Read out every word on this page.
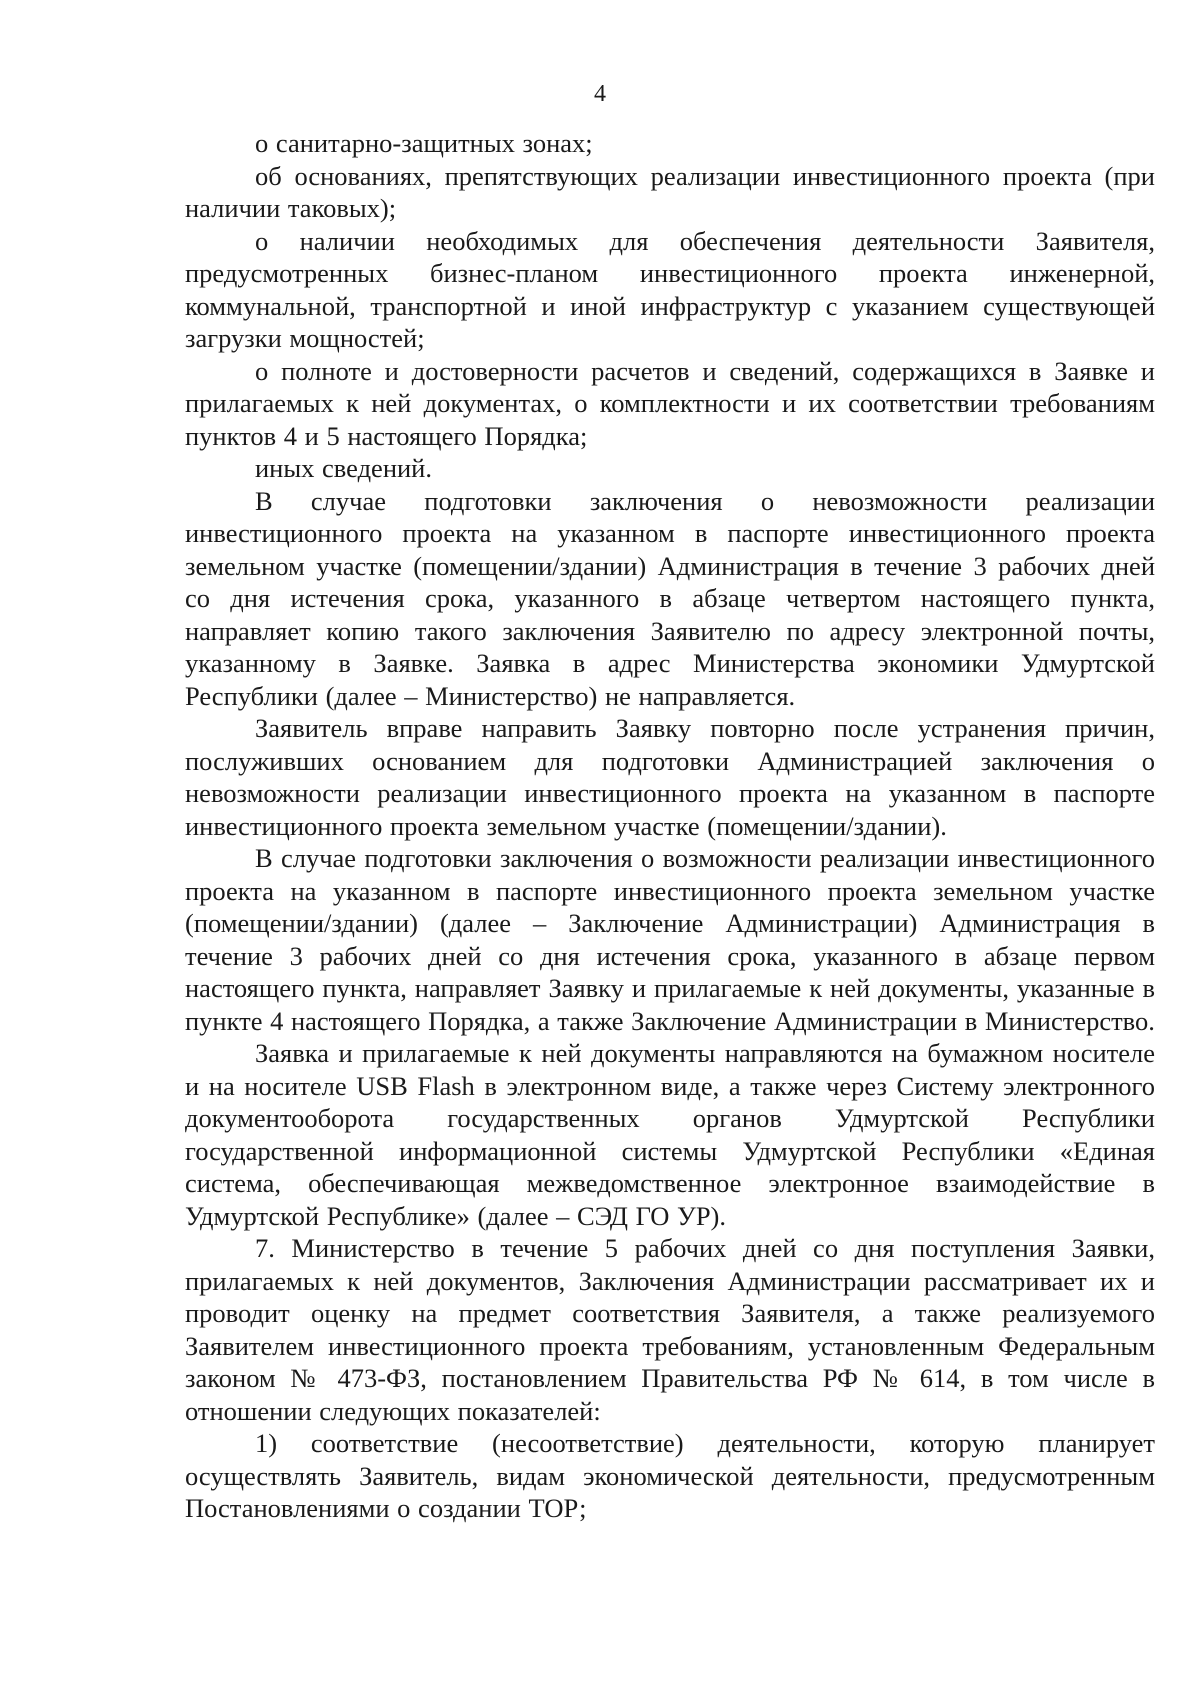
4

о санитарно-защитных зонах;

об основаниях, препятствующих реализации инвестиционного проекта (при наличии таковых);

о наличии необходимых для обеспечения деятельности Заявителя, предусмотренных бизнес-планом инвестиционного проекта инженерной, коммунальной, транспортной и иной инфраструктур с указанием существующей загрузки мощностей;

о полноте и достоверности расчетов и сведений, содержащихся в Заявке и прилагаемых к ней документах, о комплектности и их соответствии требованиям пунктов 4 и 5 настоящего Порядка;

иных сведений.

В случае подготовки заключения о невозможности реализации инвестиционного проекта на указанном в паспорте инвестиционного проекта земельном участке (помещении/здании) Администрация в течение 3 рабочих дней со дня истечения срока, указанного в абзаце четвертом настоящего пункта, направляет копию такого заключения Заявителю по адресу электронной почты, указанному в Заявке. Заявка в адрес Министерства экономики Удмуртской Республики (далее – Министерство) не направляется.

Заявитель вправе направить Заявку повторно после устранения причин, послуживших основанием для подготовки Администрацией заключения о невозможности реализации инвестиционного проекта на указанном в паспорте инвестиционного проекта земельном участке (помещении/здании).

В случае подготовки заключения о возможности реализации инвестиционного проекта на указанном в паспорте инвестиционного проекта земельном участке (помещении/здании) (далее – Заключение Администрации) Администрация в течение 3 рабочих дней со дня истечения срока, указанного в абзаце первом настоящего пункта, направляет Заявку и прилагаемые к ней документы, указанные в пункте 4 настоящего Порядка, а также Заключение Администрации в Министерство.

Заявка и прилагаемые к ней документы направляются на бумажном носителе и на носителе USB Flash в электронном виде, а также через Систему электронного документооборота государственных органов Удмуртской Республики государственной информационной системы Удмуртской Республики «Единая система, обеспечивающая межведомственное электронное взаимодействие в Удмуртской Республике» (далее – СЭД ГО УР).

7. Министерство в течение 5 рабочих дней со дня поступления Заявки, прилагаемых к ней документов, Заключения Администрации рассматривает их и проводит оценку на предмет соответствия Заявителя, а также реализуемого Заявителем инвестиционного проекта требованиям, установленным Федеральным законом № 473-ФЗ, постановлением Правительства РФ № 614, в том числе в отношении следующих показателей:

1) соответствие (несоответствие) деятельности, которую планирует осуществлять Заявитель, видам экономической деятельности, предусмотренным Постановлениями о создании ТОР;
